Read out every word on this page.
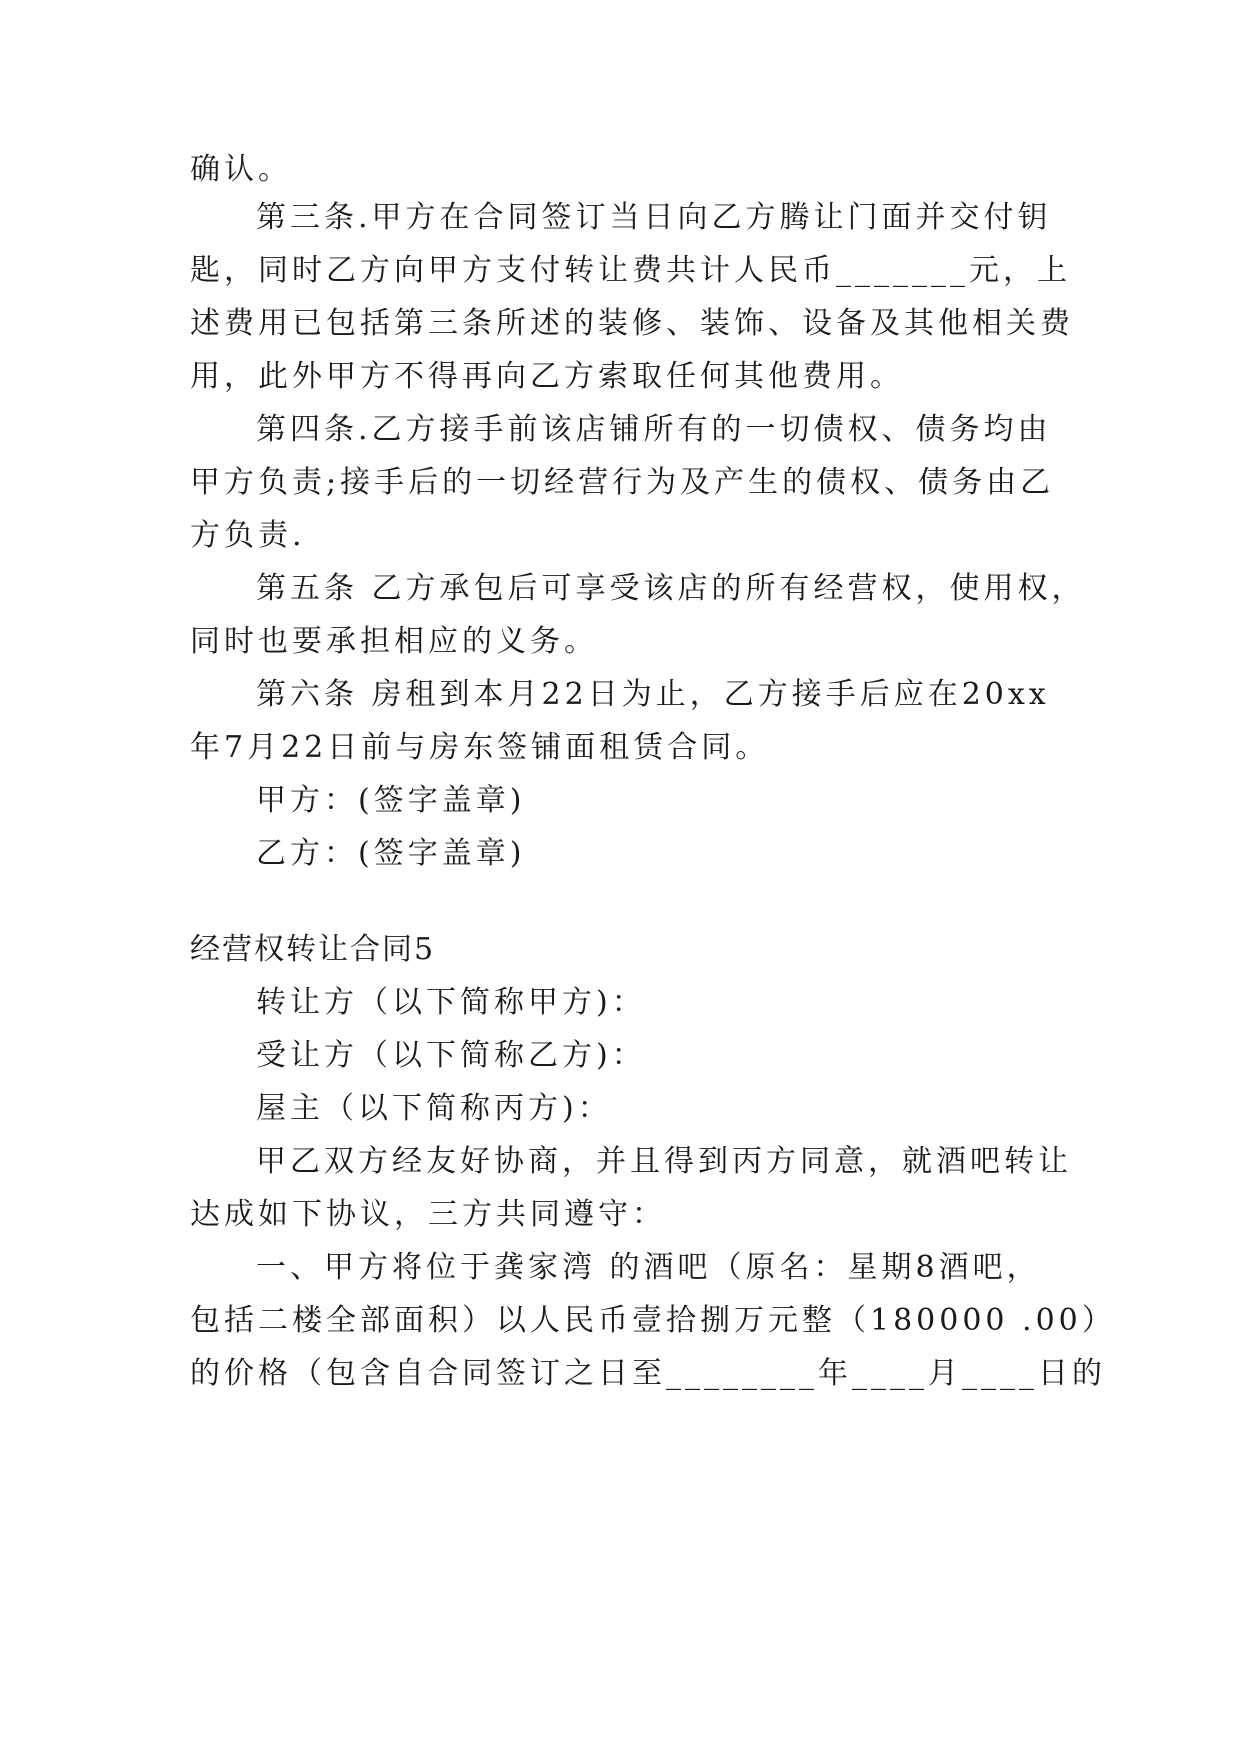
确认。
第三条.甲方在合同签订当日向乙方腾让门面并交付钥
匙，同时乙方向甲方支付转让费共计人民币_______元，上
述费用已包括第三条所述的装修、装饰、设备及其他相关费
用，此外甲方不得再向乙方索取任何其他费用。
第四条.乙方接手前该店铺所有的一切债权、债务均由
甲方负责;接手后的一切经营行为及产生的债权、债务由乙
方负责.
第五条 乙方承包后可享受该店的所有经营权，使用权，
同时也要承担相应的义务。
第六条 房租到本月22日为止，乙方接手后应在20xx
年7月22日前与房东签铺面租赁合同。
甲方：(签字盖章)
乙方：(签字盖章)
经营权转让合同5
转让方（以下简称甲方)：
受让方（以下简称乙方)：
屋主（以下简称丙方)：
甲乙双方经友好协商，并且得到丙方同意，就酒吧转让
达成如下协议，三方共同遵守：
一、甲方将位于龚家湾 的酒吧（原名：星期8酒吧，
包括二楼全部面积）以人民币壹拾捌万元整（180000 .00）
的价格（包含自合同签订之日至________年____月____日的
